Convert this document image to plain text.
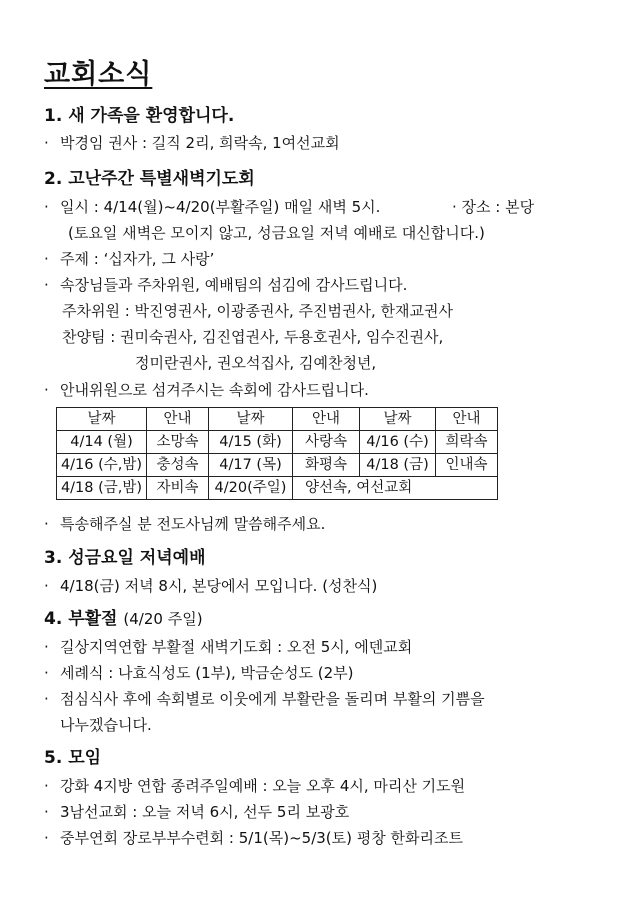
교회소식
1. 새 가족을 환영합니다.
· 박경임 권사 : 길직 2리, 희락속, 1여선교회
2. 고난주간 특별새벽기도회
· 일시 : 4/14(월)~4/20(부활주일) 매일 새벽 5시.	· 장소 : 본당
(토요일 새벽은 모이지 않고, 성금요일 저녁 예배로 대신합니다.)
· 주제 : ‘십자가, 그 사랑’
· 속장님들과 주차위원, 예배팀의 섬김에 감사드립니다.
주차위원 : 박진영권사, 이광종권사, 주진범권사, 한재교권사
찬양팀 : 권미숙권사, 김진엽권사, 두용호권사, 임수진권사,
정미란권사, 권오석집사, 김예찬청년,
· 안내위원으로 섬겨주시는 속회에 감사드립니다.
날짜	안내	날짜	안내	날짜	안내
4/14 (월)	소망속	4/15 (화)	사랑속	4/16 (수)	희락속
4/16 (수,밤)	충성속	4/17 (목)	화평속	4/18 (금)	인내속
4/18 (금,밤)	자비속	4/20(주일)	양선속, 여선교회		
· 특송해주실 분 전도사님께 말씀해주세요.
3. 성금요일 저녁예배
· 4/18(금) 저녁 8시, 본당에서 모입니다. (성찬식)
4. 부활절 (4/20 주일)
· 길상지역연합 부활절 새벽기도회 : 오전 5시, 에덴교회
· 세례식 : 나효식성도 (1부), 박금순성도 (2부)
· 점심식사 후에 속회별로 이웃에게 부활란을 돌리며 부활의 기쁨을
나누겠습니다.
5. 모임
· 강화 4지방 연합 종려주일예배 : 오늘 오후 4시, 마리산 기도원
· 3남선교회 : 오늘 저녁 6시, 선두 5리 보광호
· 중부연회 장로부부수련회 : 5/1(목)~5/3(토) 평창 한화리조트
